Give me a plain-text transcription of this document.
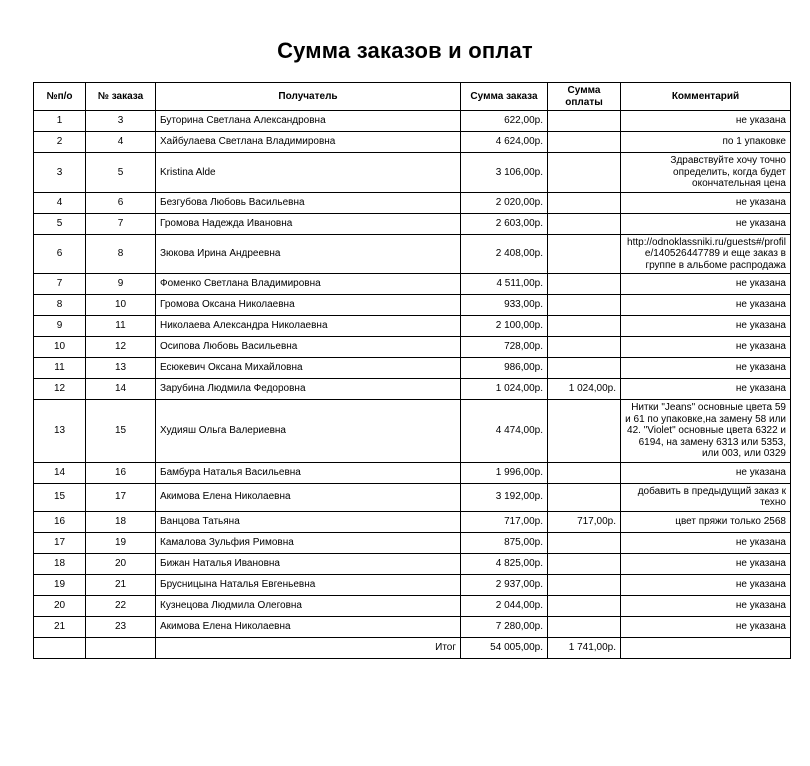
Сумма заказов и оплат
№п/о	№ заказа	Получатель	Сумма заказа	Сумма оплаты	Комментарий
1	3	Буторина Светлана Александровна	622,00р.		не указана
2	4	Хайбулаева Светлана Владимировна	4 624,00р.		по 1 упаковке
3	5	Kristina Alde	3 106,00р.		Здравствуйте хочу точно определить, когда будет окончательная цена
4	6	Безгубова Любовь Васильевна	2 020,00р.		не указана
5	7	Громова Надежда Ивановна	2 603,00р.		не указана
6	8	Зюкова Ирина Андреевна	2 408,00р.		http://odnoklassniki.ru/guests#/profile/140526447789 и еще заказ в группе в альбоме распродажа
7	9	Фоменко Светлана Владимировна	4 511,00р.		не указана
8	10	Громова Оксана Николаевна	933,00р.		не указана
9	11	Николаева Александра Николаевна	2 100,00р.		не указана
10	12	Осипова Любовь Васильевна	728,00р.		не указана
11	13	Есюкевич Оксана Михайловна	986,00р.		не указана
12	14	Зарубина Людмила Федоровна	1 024,00р.	1 024,00р.	не указана
13	15	Худияш Ольга Валериевна	4 474,00р.		Нитки "Jeans" основные цвета 59 и 61 по упаковке,на замену 58 или 42. "Violet" основные цвета 6322 и 6194, на замену 6313 или 5353, или 003, или 0329
14	16	Бамбура Наталья Васильевна	1 996,00р.		не указана
15	17	Акимова Елена Николаевна	3 192,00р.		добавить в предыдущий заказ к техно
16	18	Ванцова Татьяна	717,00р.	717,00р.	цвет пряжи только 2568
17	19	Камалова Зульфия Римовна	875,00р.		не указана
18	20	Бижан Наталья Ивановна	4 825,00р.		не указана
19	21	Брусницына Наталья Евгеньевна	2 937,00р.		не указана
20	22	Кузнецова Людмила Олеговна	2 044,00р.		не указана
21	23	Акимова Елена Николаевна	7 280,00р.		не указана
		Итог	54 005,00р.	1 741,00р.	
